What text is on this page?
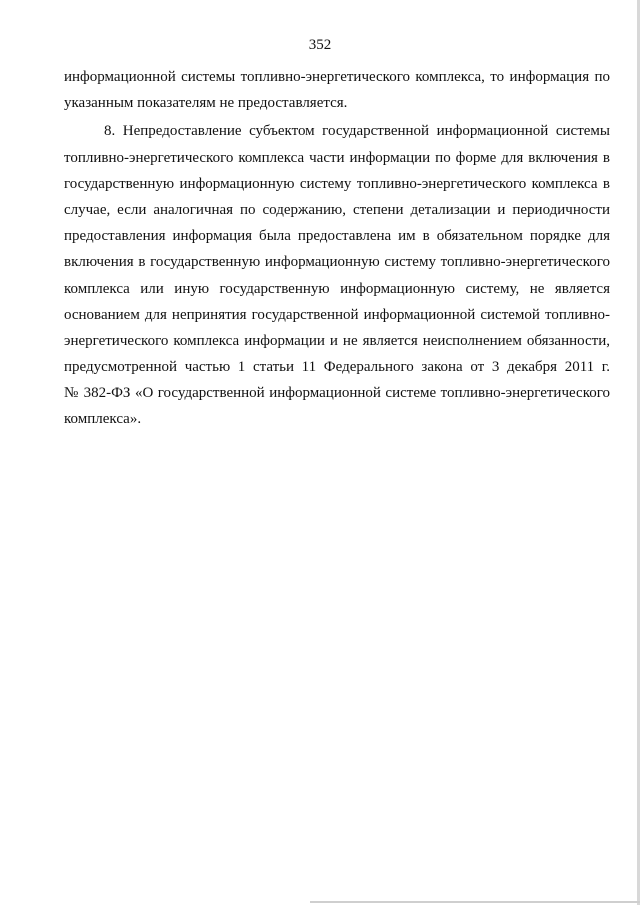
352
информационной системы топливно-энергетического комплекса, то информация по
указанным показателям не предоставляется.
8. Непредоставление субъектом государственной информационной системы
топливно-энергетического комплекса части информации по форме для включения в
государственную информационную систему топливно-энергетического комплекса в
случае, если аналогичная по содержанию, степени детализации и периодичности
предоставления информация была предоставлена им в обязательном порядке для
включения в государственную информационную систему топливно-энергетического
комплекса или иную государственную информационную систему, не является
основанием для непринятия государственной информационной системой топливно-
энергетического комплекса информации и не является неисполнением обязанности,
предусмотренной частью 1 статьи 11 Федерального закона от 3 декабря 2011 г.
№ 382-ФЗ «О государственной информационной системе топливно-энергетического
комплекса».
